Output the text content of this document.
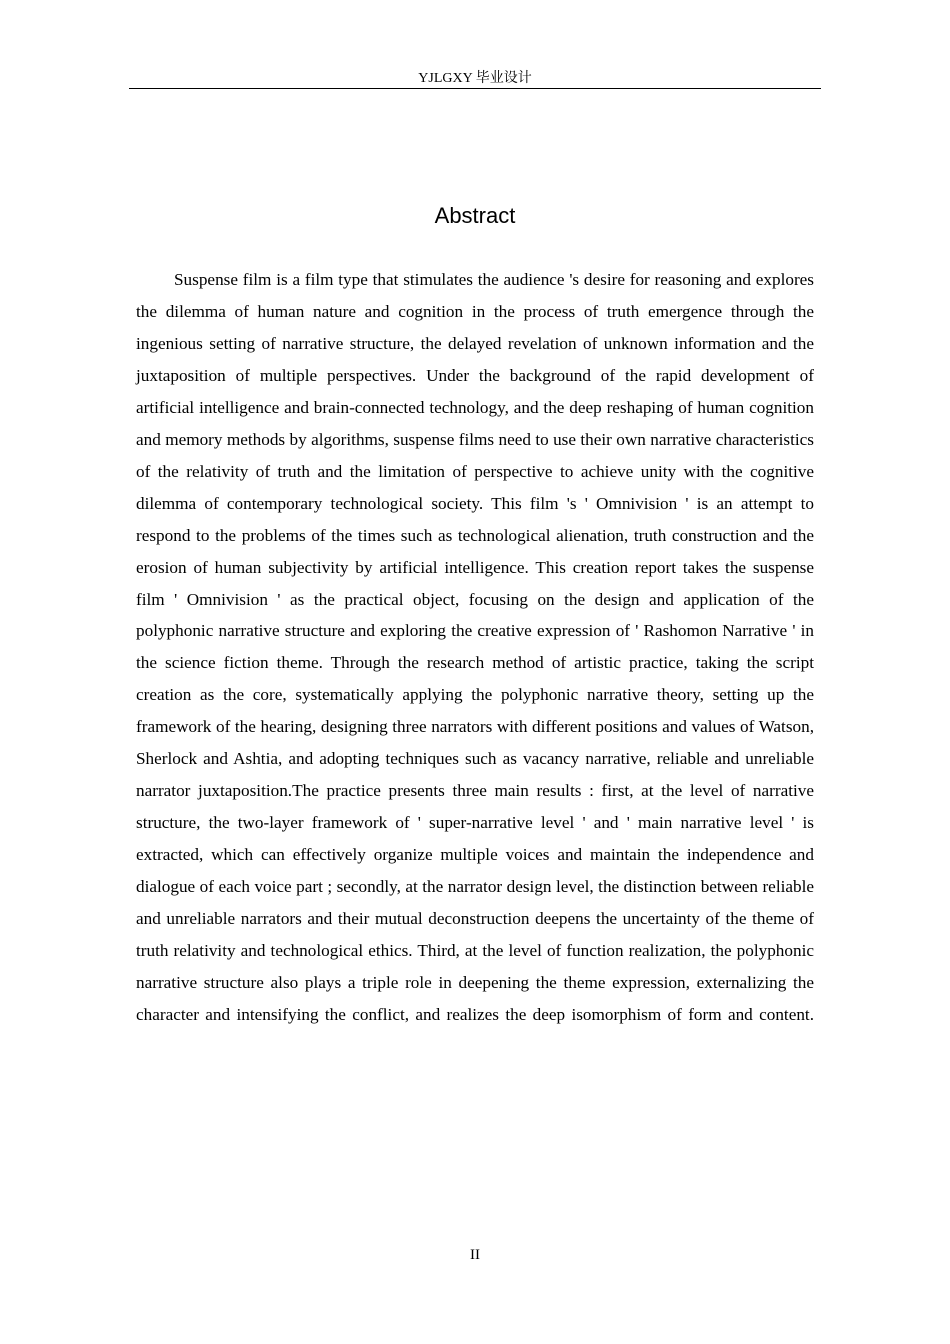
YJLGXY 毕业设计
Abstract

Suspense film is a film type that stimulates the audience 's desire for reasoning and explores the dilemma of human nature and cognition in the process of truth emergence through the ingenious setting of narrative structure, the delayed revelation of unknown information and the juxtaposition of multiple perspectives. Under the background of the rapid development of artificial intelligence and brain-connected technology, and the deep reshaping of human cognition and memory methods by algorithms, suspense films need to use their own narrative characteristics of the relativity of truth and the limitation of perspective to achieve unity with the cognitive dilemma of contemporary technological society. This film 's ' Omnivision ' is an attempt to respond to the problems of the times such as technological alienation, truth construction and the erosion of human subjectivity by artificial intelligence. This creation report takes the suspense film ' Omnivision ' as the practical object, focusing on the design and application of the polyphonic narrative structure and exploring the creative expression of ' Rashomon Narrative ' in the science fiction theme. Through the research method of artistic practice, taking the script creation as the core, systematically applying the polyphonic narrative theory, setting up the framework of the hearing, designing three narrators with different positions and values of Watson, Sherlock and Ashtia, and adopting techniques such as vacancy narrative, reliable and unreliable narrator juxtaposition.The practice presents three main results : first, at the level of narrative structure, the two-layer framework of ' super-narrative level ' and ' main narrative level ' is extracted, which can effectively organize multiple voices and maintain the independence and dialogue of each voice part ; secondly, at the narrator design level, the distinction between reliable and unreliable narrators and their mutual deconstruction deepens the uncertainty of the theme of truth relativity and technological ethics. Third, at the level of function realization, the polyphonic narrative structure also plays a triple role in deepening the theme expression, externalizing the character and intensifying the conflict, and realizes the deep isomorphism of form and content.

II
